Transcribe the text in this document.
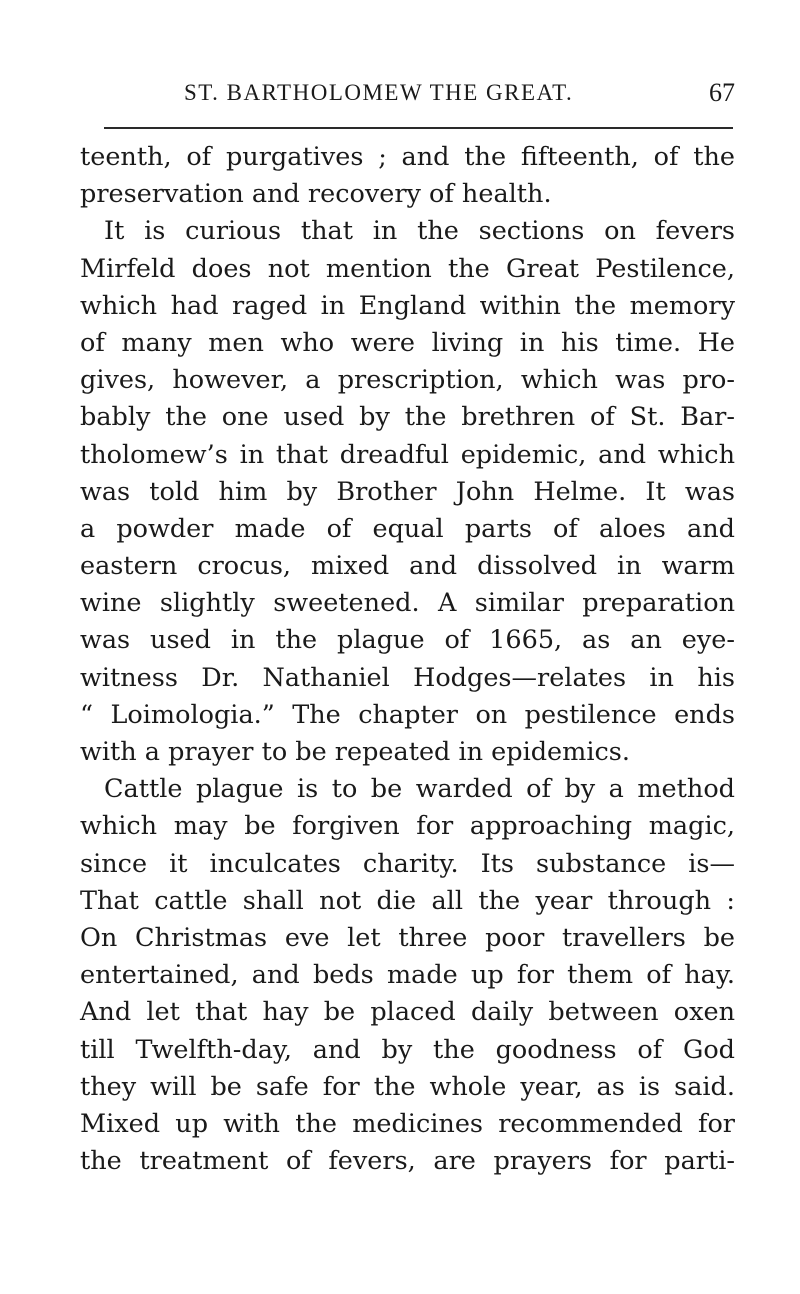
ST. BARTHOLOMEW THE GREAT.	67
teenth, of purgatives ; and the fifteenth, of the
preservation and recovery of health.
It is curious that in the sections on fevers
Mirfeld does not mention the Great Pestilence,
which had raged in England within the memory
of many men who were living in his time. He
gives, however, a prescription, which was pro-
bably the one used by the brethren of St. Bar-
tholomew’s in that dreadful epidemic, and which
was told him by Brother John Helme. It was
a powder made of equal parts of aloes and
eastern crocus, mixed and dissolved in warm
wine slightly sweetened. A similar preparation
was used in the plague of 1665, as an eye-
witness Dr. Nathaniel Hodges—relates in his
“ Loimologia.” The chapter on pestilence ends
with a prayer to be repeated in epidemics.
Cattle plague is to be warded of by a method
which may be forgiven for approaching magic,
since it inculcates charity. Its substance is—
That cattle shall not die all the year through :
On Christmas eve let three poor travellers be
entertained, and beds made up for them of hay.
And let that hay be placed daily between oxen
till Twelfth-day, and by the goodness of God
they will be safe for the whole year, as is said.
Mixed up with the medicines recommended for
the treatment of fevers, are prayers for parti-
